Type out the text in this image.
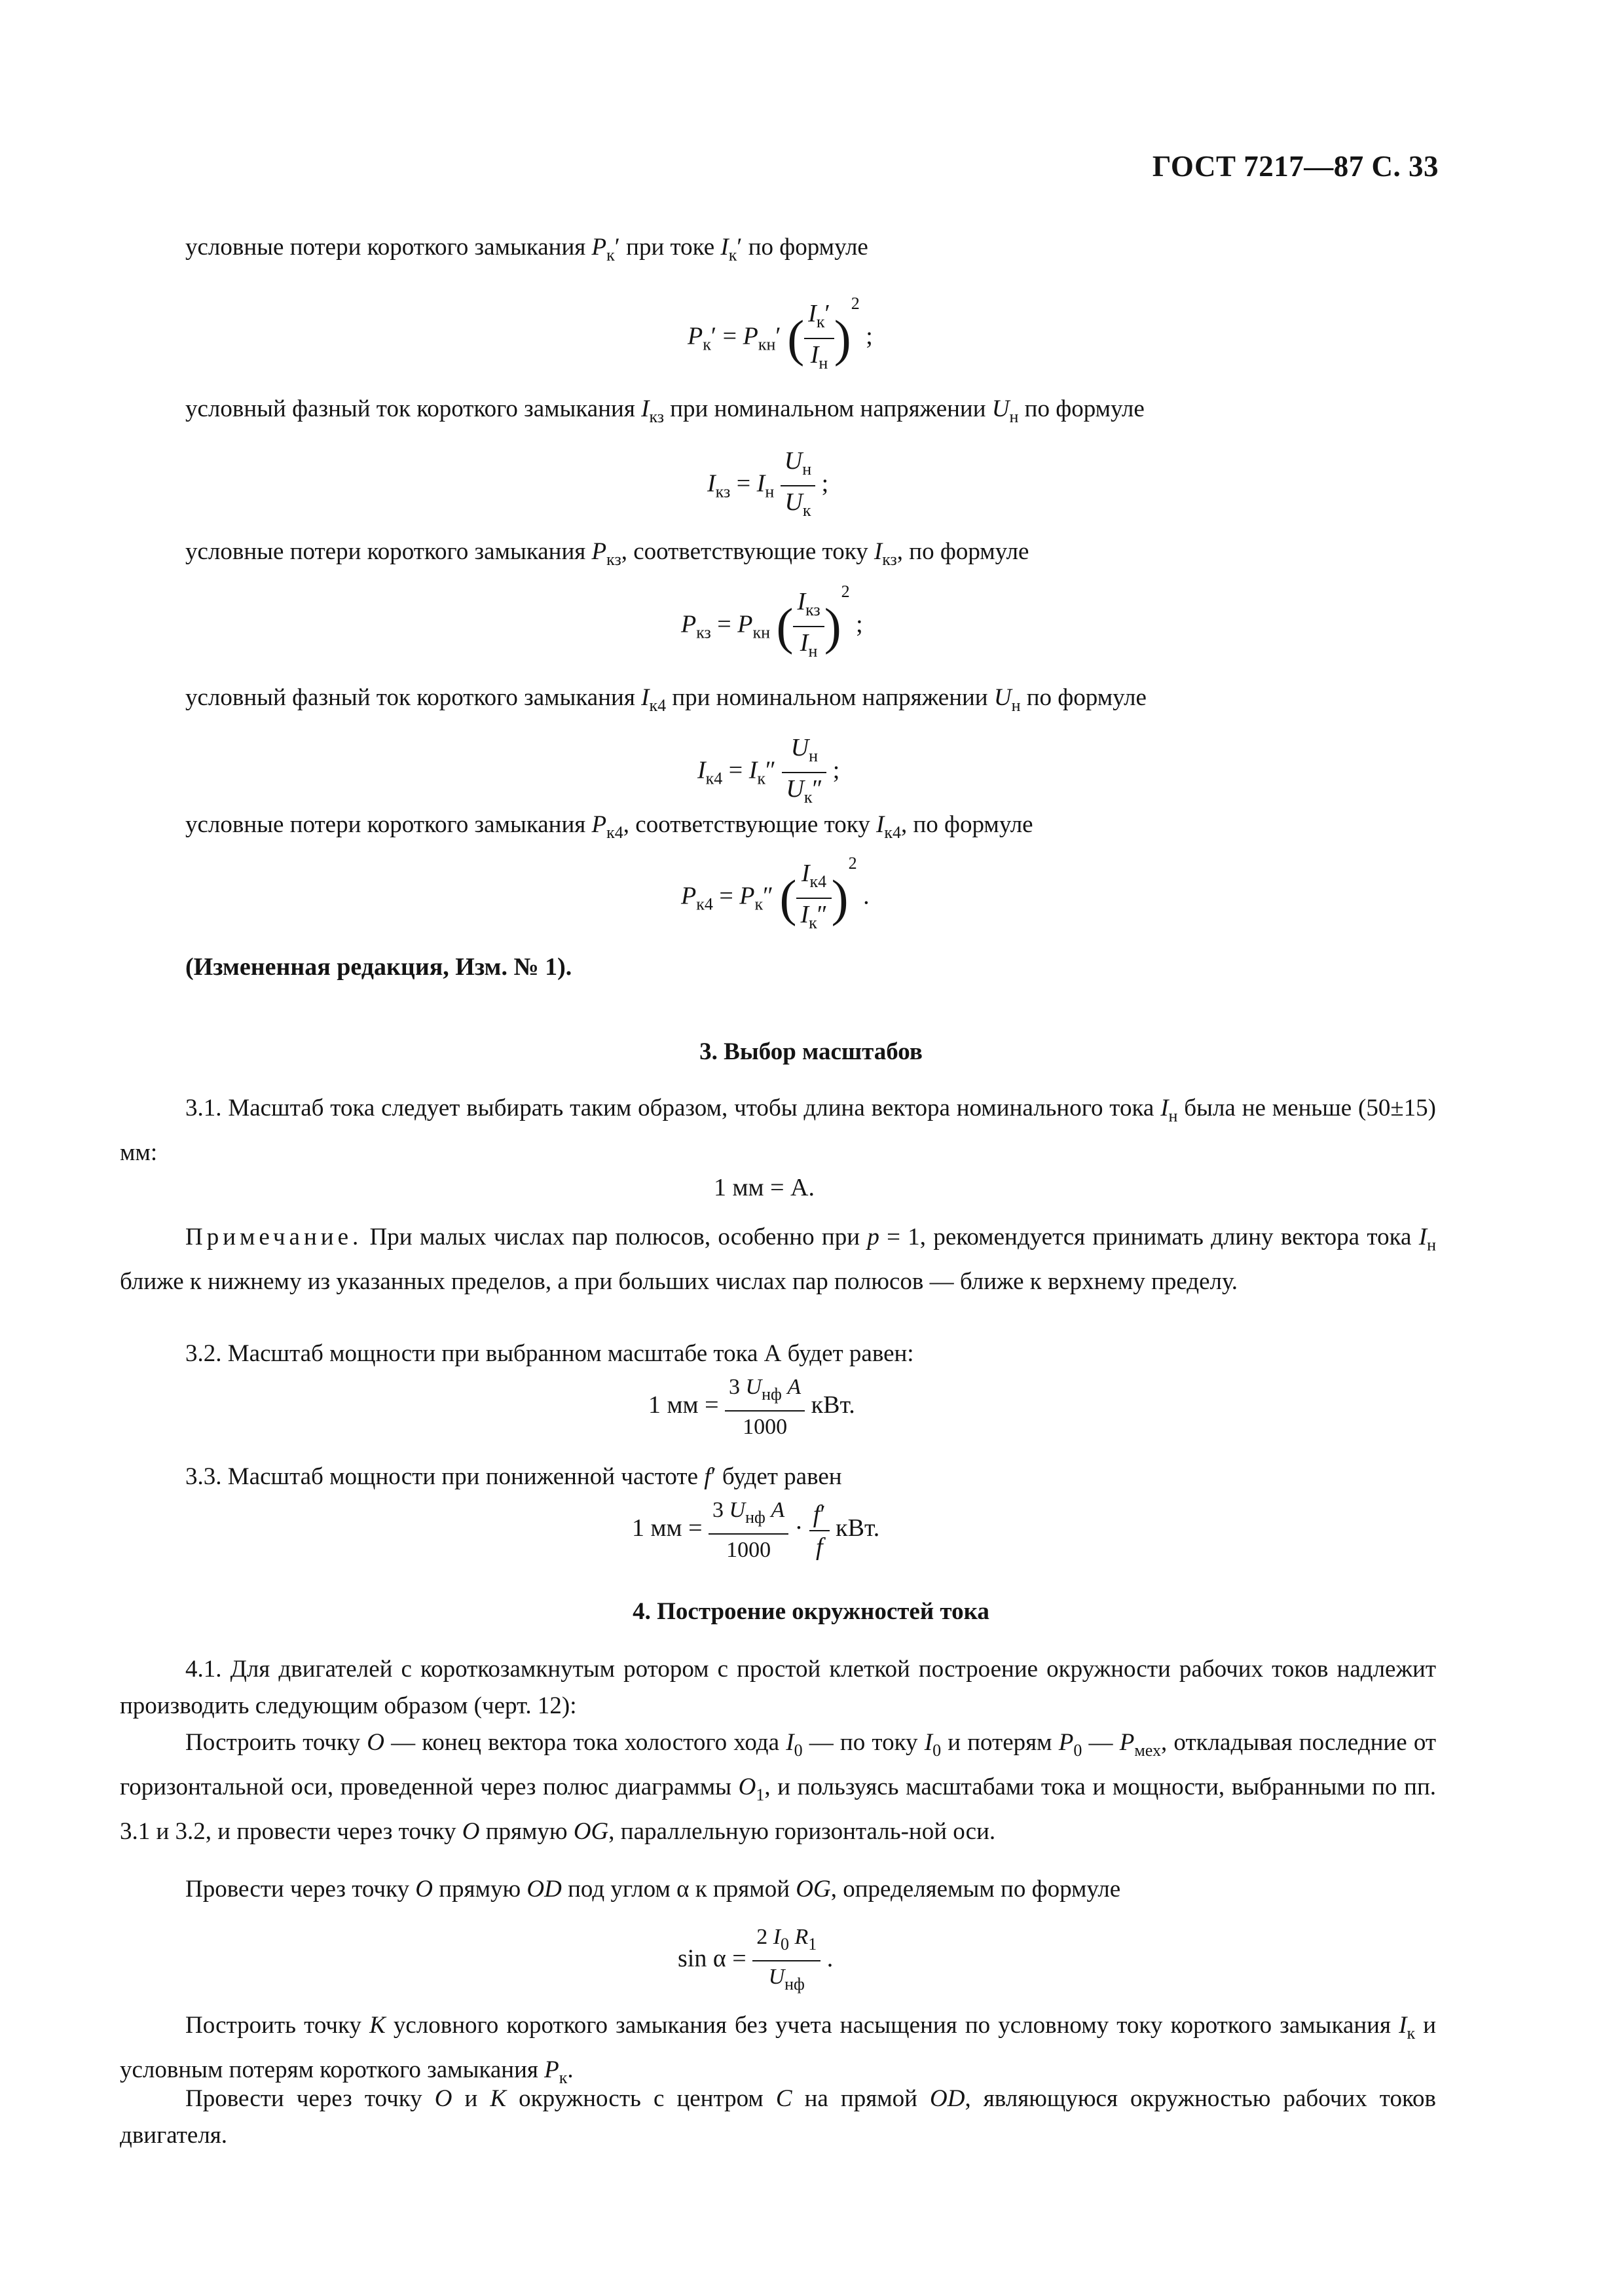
ГОСТ 7217—87 С. 33
условные потери короткого замыкания $P_к'$ при токе $I_к'$ по формуле
$P_к' = P_{кн}'$ ( $\frac{I_к'}{I_н} )^2$ ;
условный фазный ток короткого замыкания $I_{кз}$ при номинальном напряжении $U_н$ по формуле
$I_{кз} = I_н \frac{U_н}{U_к}$ ;
условные потери короткого замыкания $P_{кз}$, соответствующие току $I_{кз}$, по формуле
$P_{кз} = P_{кн}$ ( $\frac{I_{кз}}{I_н} )^2$ ;
условный фазный ток короткого замыкания $I_{к4}$ при номинальном напряжении $U_н$ по формуле
$I_{к4} = I_к'' \frac{U_н}{U_к''}$ ;
условные потери короткого замыкания $P_{к4}$, соответствующие току $I_{к4}$, по формуле
$P_{к4} = P_к''$ ( $\frac{I_{к4}}{I_к''} )^2$ .
(Измененная редакция, Изм. № 1).
3. Выбор масштабов
3.1. Масштаб тока следует выбирать таким образом, чтобы длина вектора номинального тока $I_н$ была не меньше (50±15) мм:
1 мм = А.
Примечание. При малых числах пар полюсов, особенно при p = 1, рекомендуется принимать длину вектора тока $I_н$ ближе к нижнему из указанных пределов, а при больших числах пар полюсов — ближе к верхнему пределу.
3.2. Масштаб мощности при выбранном масштабе тока А будет равен:
1 мм = $\frac{3 U_{нф} A}{1000}$ кВт.
3.3. Масштаб мощности при пониженной частоте f′ будет равен
1 мм = $\frac{3 U_{нф} A}{1000} \cdot \frac{f'}{f}$ кВт.
4. Построение окружностей тока
4.1. Для двигателей с короткозамкнутым ротором с простой клеткой построение окружности рабочих токов надлежит производить следующим образом (черт. 12):
Построить точку O — конец вектора тока холостого хода $I_0$ — по току $I_0$ и потерям $P_0$ — $P_{мех}$, откладывая последние от горизонтальной оси, проведенной через полюс диаграммы $O_1$, и пользуясь масштабами тока и мощности, выбранными по пп. 3.1 и 3.2, и провести через точку O прямую OG, параллельную горизонталь-ной оси.
Провести через точку O прямую OD под углом α к прямой OG, определяемым по формуле
$\sin \alpha = \frac{2 I_0 R_1}{U_{нф}}$ .
Построить точку K условного короткого замыкания без учета насыщения по условному току короткого замыкания $I_к$ и условным потерям короткого замыкания $P_к$.
Провести через точку O и K окружность с центром C на прямой OD, являющуюся окружностью рабочих токов двигателя.
